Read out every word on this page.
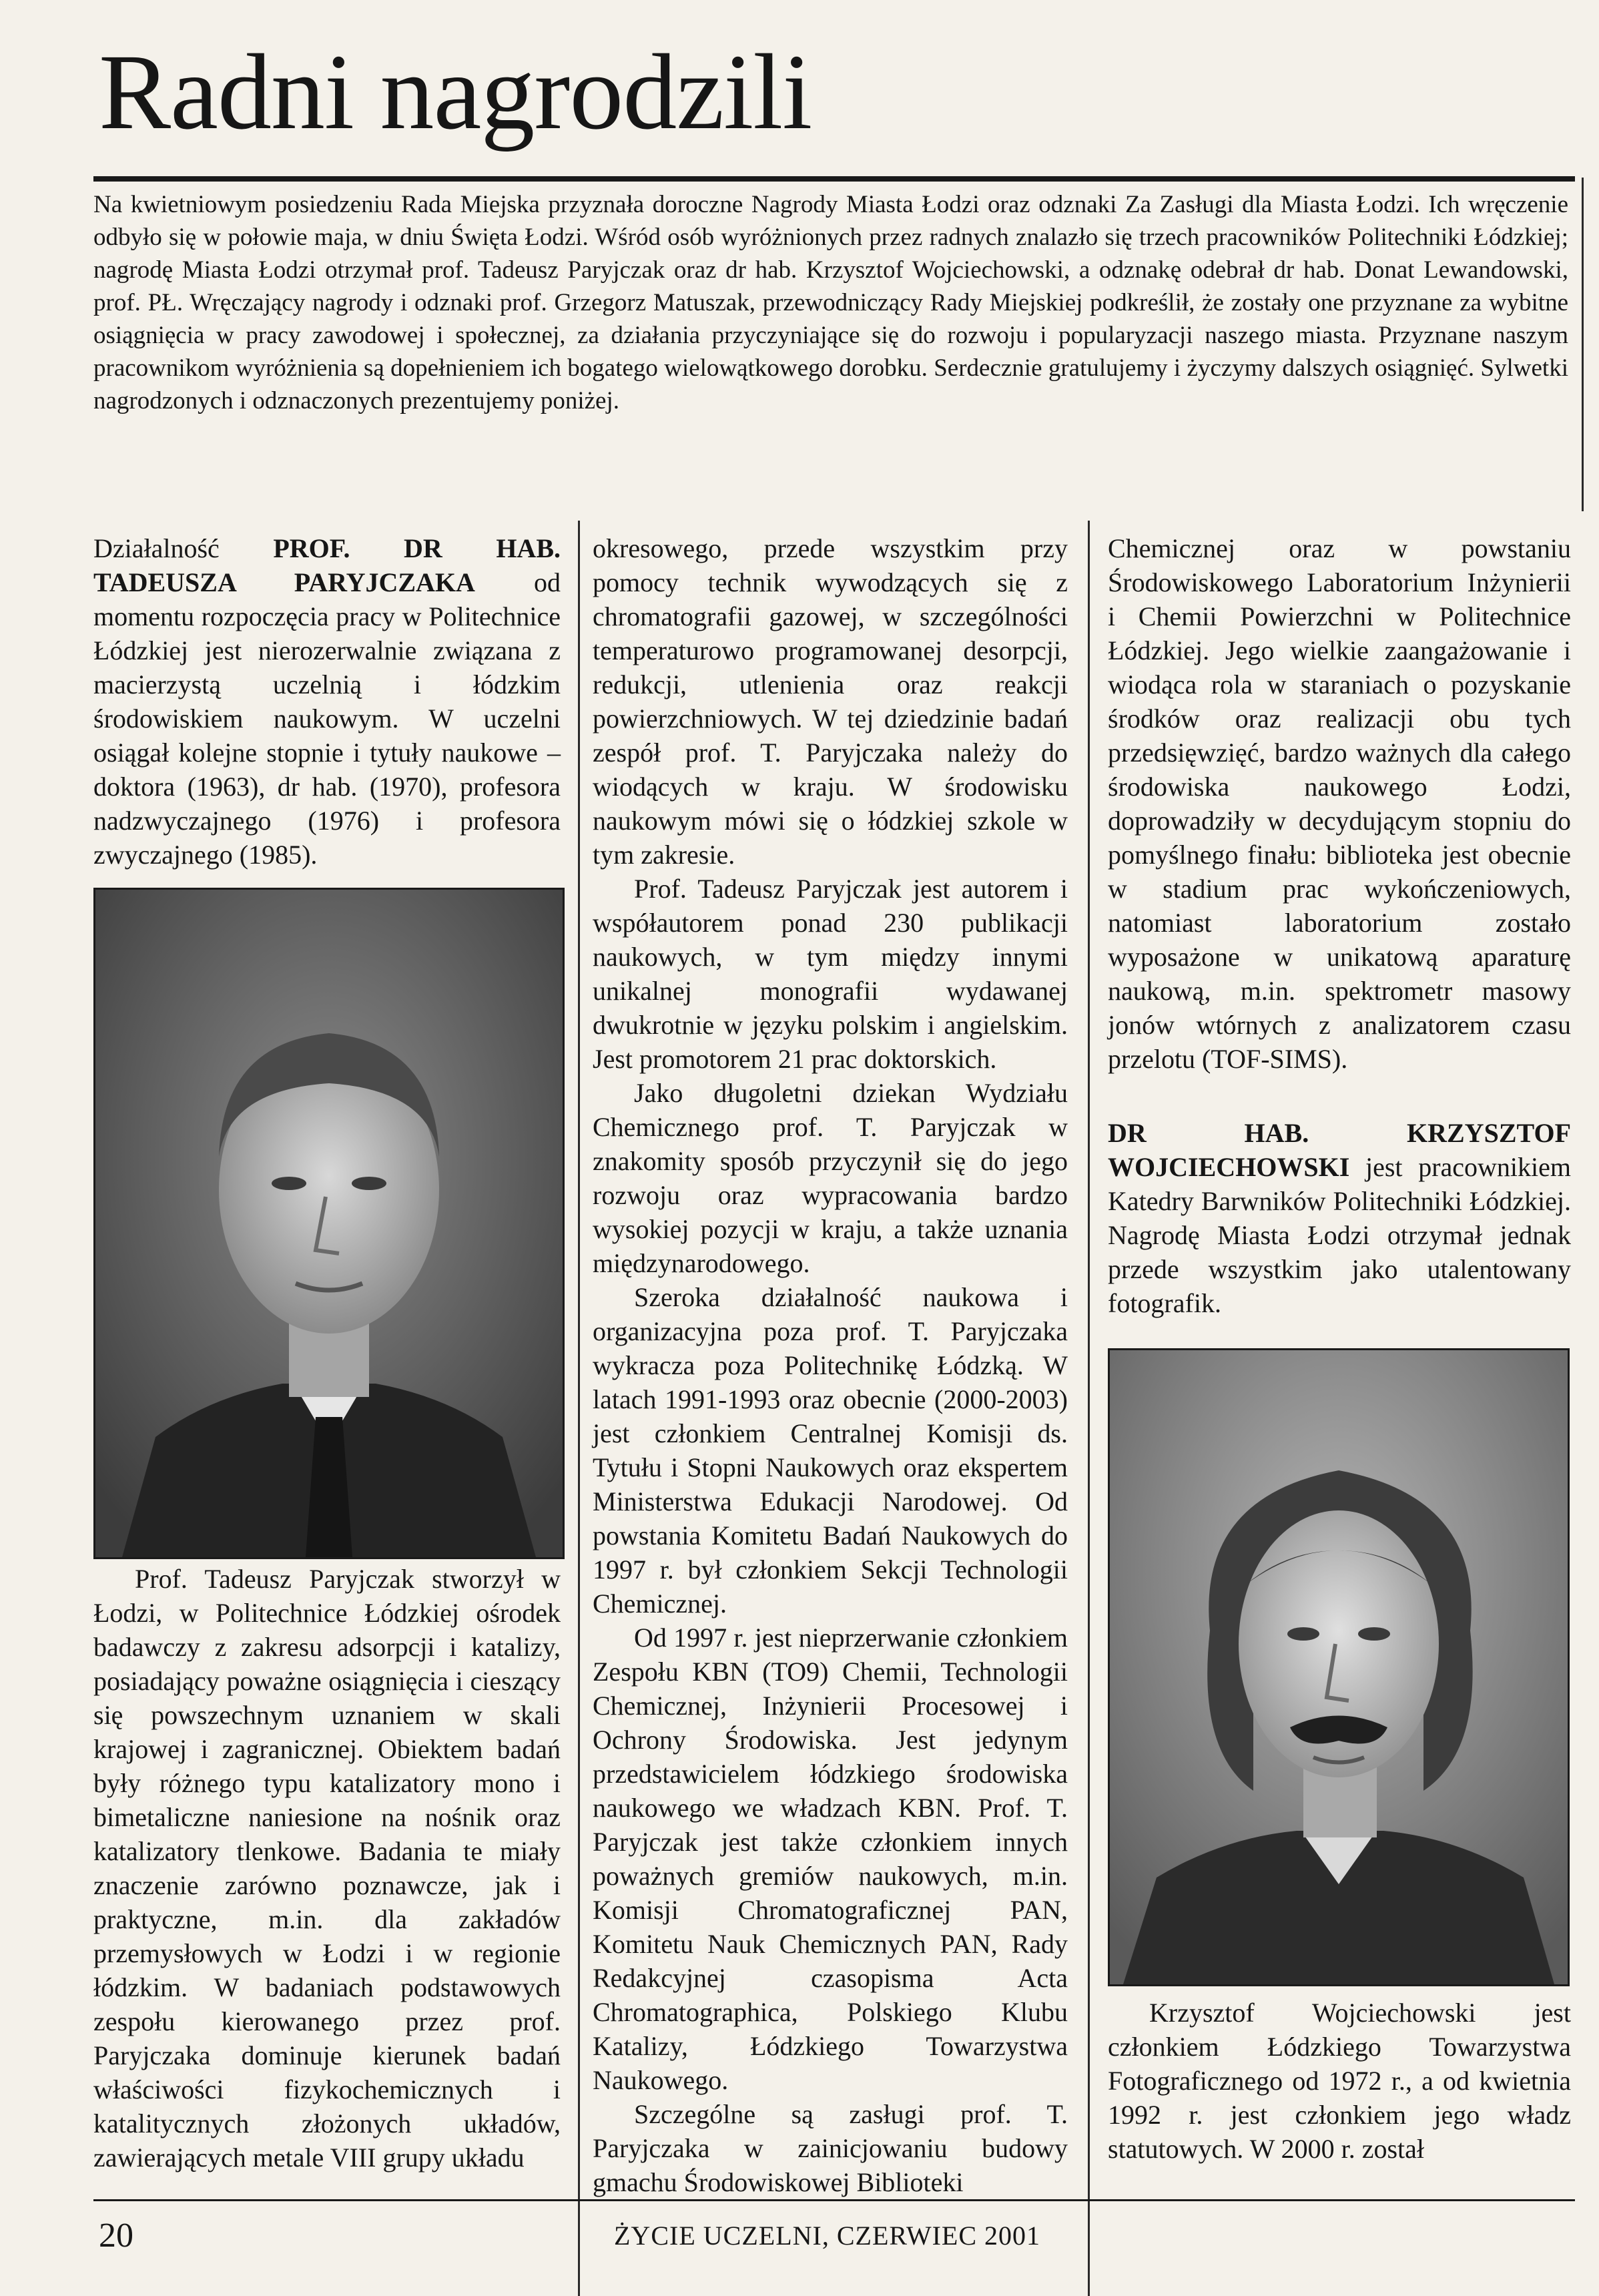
Radni nagrodzili

Na kwietniowym posiedzeniu Rada Miejska przyznała doroczne Nagrody Miasta Łodzi oraz odznaki Za Zasługi dla Miasta Łodzi. Ich wręczenie odbyło się w połowie maja, w dniu Święta Łodzi. Wśród osób wyróżnionych przez radnych znalazło się trzech pracowników Politechniki Łódzkiej; nagrodę Miasta Łodzi otrzymał prof. Tadeusz Paryjczak oraz dr hab. Krzysztof Wojciechowski, a odznakę odebrał dr hab. Donat Lewandowski, prof. PŁ. Wręczający nagrody i odznaki prof. Grzegorz Matuszak, przewodniczący Rady Miejskiej podkreślił, że zostały one przyznane za wybitne osiągnięcia w pracy zawodowej i społecznej, za działania przyczyniające się do rozwoju i popularyzacji naszego miasta. Przyznane naszym pracownikom wyróżnienia są dopełnieniem ich bogatego wielowątkowego dorobku. Serdecznie gratulujemy i życzymy dalszych osiągnięć. Sylwetki nagrodzonych i odznaczonych prezentujemy poniżej.

Działalność PROF. DR HAB. TADEUSZA PARYJCZAKA od momentu rozpoczęcia pracy w Politechnice Łódzkiej jest nierozerwalnie związana z macierzystą uczelnią i łódzkim środowiskiem naukowym. W uczelni osiągał kolejne stopnie i tytuły naukowe – doktora (1963), dr hab. (1970), profesora nadzwyczajnego (1976) i profesora zwyczajnego (1985).

Prof. Tadeusz Paryjczak stworzył w Łodzi, w Politechnice Łódzkiej ośrodek badawczy z zakresu adsorpcji i katalizy, posiadający poważne osiągnięcia i cieszący się powszechnym uznaniem w skali krajowej i zagranicznej. Obiektem badań były różnego typu katalizatory mono i bimetaliczne naniesione na nośnik oraz katalizatory tlenkowe. Badania te miały znaczenie zarówno poznawcze, jak i praktyczne, m.in. dla zakładów przemysłowych w Łodzi i w regionie łódzkim. W badaniach podstawowych zespołu kierowanego przez prof. Paryjczaka dominuje kierunek badań właściwości fizykochemicznych i katalitycznych złożonych układów, zawierających metale VIII grupy układu

okresowego, przede wszystkim przy pomocy technik wywodzących się z chromatografii gazowej, w szczególności temperaturowo programowanej desorpcji, redukcji, utlenienia oraz reakcji powierzchniowych. W tej dziedzinie badań zespół prof. T. Paryjczaka należy do wiodących w kraju. W środowisku naukowym mówi się o łódzkiej szkole w tym zakresie.

Prof. Tadeusz Paryjczak jest autorem i współautorem ponad 230 publikacji naukowych, w tym między innymi unikalnej monografii wydawanej dwukrotnie w języku polskim i angielskim. Jest promotorem 21 prac doktorskich.

Jako długoletni dziekan Wydziału Chemicznego prof. T. Paryjczak w znakomity sposób przyczynił się do jego rozwoju oraz wypracowania bardzo wysokiej pozycji w kraju, a także uznania międzynarodowego.

Szeroka działalność naukowa i organizacyjna poza prof. T. Paryjczaka wykracza poza Politechnikę Łódzką. W latach 1991-1993 oraz obecnie (2000-2003) jest członkiem Centralnej Komisji ds. Tytułu i Stopni Naukowych oraz ekspertem Ministerstwa Edukacji Narodowej. Od powstania Komitetu Badań Naukowych do 1997 r. był członkiem Sekcji Technologii Chemicznej.

Od 1997 r. jest nieprzerwanie członkiem Zespołu KBN (TO9) Chemii, Technologii Chemicznej, Inżynierii Procesowej i Ochrony Środowiska. Jest jedynym przedstawicielem łódzkiego środowiska naukowego we władzach KBN. Prof. T. Paryjczak jest także członkiem innych poważnych gremiów naukowych, m.in. Komisji Chromatograficznej PAN, Komitetu Nauk Chemicznych PAN, Rady Redakcyjnej czasopisma Acta Chromatographica, Polskiego Klubu Katalizy, Łódzkiego Towarzystwa Naukowego.

Szczególne są zasługi prof. T. Paryjczaka w zainicjowaniu budowy gmachu Środowiskowej Biblioteki

Chemicznej oraz w powstaniu Środowiskowego Laboratorium Inżynierii i Chemii Powierzchni w Politechnice Łódzkiej. Jego wielkie zaangażowanie i wiodąca rola w staraniach o pozyskanie środków oraz realizacji obu tych przedsięwzięć, bardzo ważnych dla całego środowiska naukowego Łodzi, doprowadziły w decydującym stopniu do pomyślnego finału: biblioteka jest obecnie w stadium prac wykończeniowych, natomiast laboratorium zostało wyposażone w unikatową aparaturę naukową, m.in. spektrometr masowy jonów wtórnych z analizatorem czasu przelotu (TOF-SIMS).

DR HAB. KRZYSZTOF WOJCIECHOWSKI jest pracownikiem Katedry Barwników Politechniki Łódzkiej. Nagrodę Miasta Łodzi otrzymał jednak przede wszystkim jako utalentowany fotografik.

Krzysztof Wojciechowski jest członkiem Łódzkiego Towarzystwa Fotograficznego od 1972 r., a od kwietnia 1992 r. jest członkiem jego władz statutowych. W 2000 r. został

20	ŻYCIE UCZELNI, CZERWIEC 2001
